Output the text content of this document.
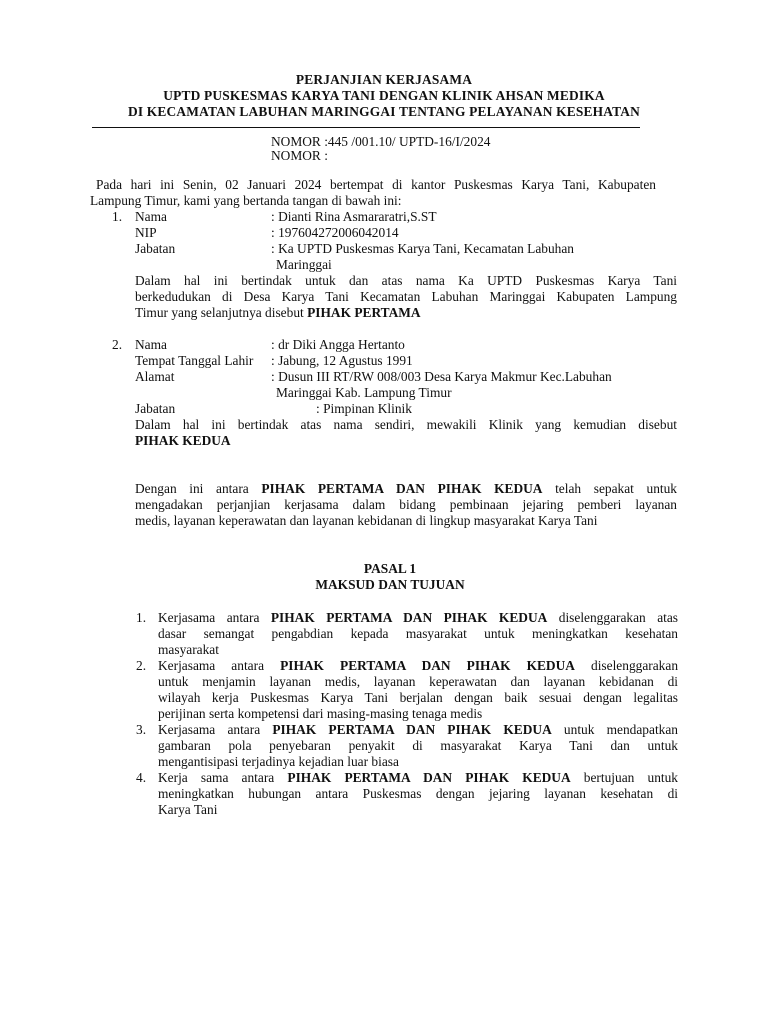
PERJANJIAN KERJASAMA
UPTD PUSKESMAS KARYA TANI DENGAN KLINIK AHSAN MEDIKA
DI KECAMATAN LABUHAN MARINGGAI TENTANG PELAYANAN KESEHATAN
NOMOR :445 /001.10/ UPTD-16/I/2024
NOMOR :
Pada hari ini Senin, 02 Januari 2024 bertempat di kantor Puskesmas Karya Tani, Kabupaten
Lampung Timur, kami yang bertanda tangan di bawah ini:
1. Nama	: Dianti Rina Asmararatri,S.ST
NIP	: 197604272006042014
Jabatan	: Ka UPTD Puskesmas Karya Tani, Kecamatan Labuhan
Maringgai
Dalam hal ini bertindak untuk dan atas nama Ka UPTD Puskesmas Karya Tani
berkedudukan di Desa Karya Tani Kecamatan Labuhan Maringgai Kabupaten Lampung
Timur yang selanjutnya disebut PIHAK PERTAMA
2. Nama	: dr Diki Angga Hertanto
Tempat Tanggal Lahir : Jabung, 12 Agustus 1991
Alamat	: Dusun III RT/RW 008/003 Desa Karya Makmur Kec.Labuhan
Maringgai Kab. Lampung Timur
Jabatan	: Pimpinan Klinik
Dalam hal ini bertindak atas nama sendiri, mewakili Klinik yang kemudian disebut
PIHAK KEDUA
Dengan ini antara PIHAK PERTAMA DAN PIHAK KEDUA telah sepakat untuk
mengadakan perjanjian kerjasama dalam bidang pembinaan jejaring pemberi layanan
medis, layanan keperawatan dan layanan kebidanan di lingkup masyarakat Karya Tani
PASAL 1
MAKSUD DAN TUJUAN
1. Kerjasama antara PIHAK PERTAMA DAN PIHAK KEDUA diselenggarakan atas
dasar semangat pengabdian kepada masyarakat untuk meningkatkan kesehatan
masyarakat
2. Kerjasama antara PIHAK PERTAMA DAN PIHAK KEDUA diselenggarakan
untuk menjamin layanan medis, layanan keperawatan dan layanan kebidanan di
wilayah kerja Puskesmas Karya Tani berjalan dengan baik sesuai dengan legalitas
perijinan serta kompetensi dari masing-masing tenaga medis
3. Kerjasama antara PIHAK PERTAMA DAN PIHAK KEDUA untuk mendapatkan
gambaran pola penyebaran penyakit di masyarakat Karya Tani dan untuk
mengantisipasi terjadinya kejadian luar biasa
4. Kerja sama antara PIHAK PERTAMA DAN PIHAK KEDUA bertujuan untuk
meningkatkan hubungan antara Puskesmas dengan jejaring layanan kesehatan di
Karya Tani
